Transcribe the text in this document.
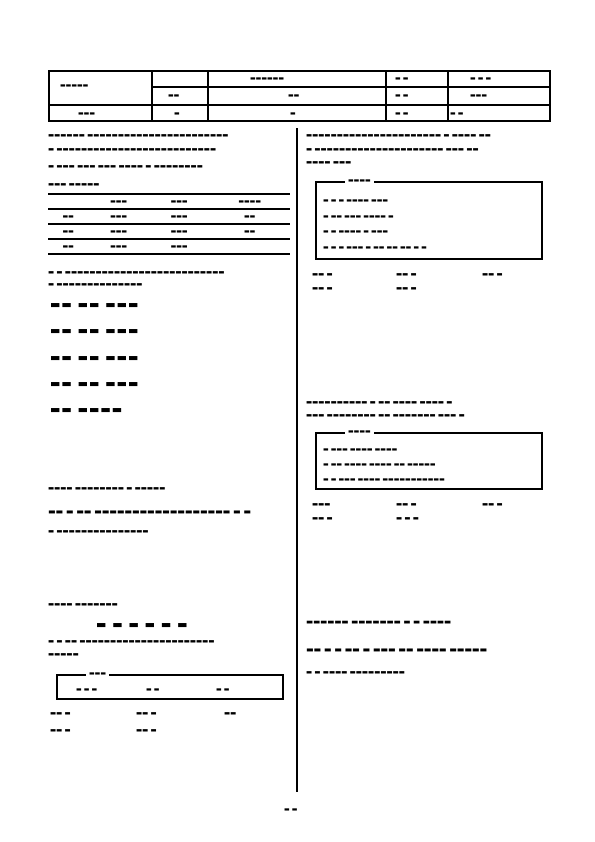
▬▬▬▬▬
▬▬▬▬▬▬	▬ ▬	▬ ▬ ▬
▬▬	▬▬	▬ ▬	▬▬▬
▬▬▬	▬	▬	▬ ▬	▬ ▬
▬▬▬▬▬▬ ▬▬▬▬▬▬▬▬▬▬▬▬▬▬▬▬▬▬▬▬▬▬▬
▬ ▬▬▬▬▬▬▬▬▬▬▬▬▬▬▬▬▬▬▬▬▬▬▬▬▬▬
▬ ▬▬▬ ▬▬▬ ▬▬▬ ▬▬▬▬ ▬ ▬▬▬▬▬▬▬▬
▬▬▬ ▬▬▬▬▬
	▬▬▬	▬▬▬	▬▬▬▬
▬▬	▬▬▬	▬▬▬	▬▬
▬▬	▬▬▬	▬▬▬	▬▬
▬▬	▬▬▬	▬▬▬	
▬ ▬ ▬▬▬▬▬▬▬▬▬▬▬▬▬▬▬▬▬▬▬▬▬▬▬▬▬▬
▬ ▬▬▬▬▬▬▬▬▬▬▬▬▬▬
▬▬ ▬▬ ▬▬▬
▬▬ ▬▬ ▬▬▬
▬▬ ▬▬ ▬▬▬
▬▬ ▬▬ ▬▬▬
▬▬ ▬▬▬▬
▬▬▬▬ ▬▬▬▬▬▬▬▬ ▬ ▬▬▬▬▬
▬▬ ▬ ▬▬ ▬▬▬▬▬▬▬▬▬▬▬▬▬▬▬▬▬▬ ▬ ▬
▬ ▬▬▬▬▬▬▬▬▬▬▬▬▬▬▬
▬▬▬▬ ▬▬▬▬▬▬▬
▬ ▬ ▬ ▬ ▬ ▬
▬ ▬ ▬▬ ▬▬▬▬▬▬▬▬▬▬▬▬▬▬▬▬▬▬▬▬▬▬
▬▬▬▬▬
▬▬▬
▬ ▬ ▬	▬ ▬	▬ ▬
▬▬ ▬	▬▬ ▬	▬▬
▬▬ ▬	▬▬ ▬
▬▬▬▬▬▬▬▬▬▬▬▬▬▬▬▬▬▬▬▬▬▬ ▬ ▬▬▬▬ ▬▬
▬ ▬▬▬▬▬▬▬▬▬▬▬▬▬▬▬▬▬▬▬▬▬ ▬▬▬ ▬▬
▬▬▬▬ ▬▬▬
▬▬▬▬
▬ ▬ ▬ ▬▬▬▬ ▬▬▬
▬ ▬▬ ▬▬▬ ▬▬▬▬ ▬
▬ ▬ ▬▬▬▬ ▬ ▬▬▬
▬ ▬ ▬ ▬▬▬ ▬ ▬▬ ▬▬ ▬▬ ▬ ▬
▬▬ ▬	▬▬ ▬	▬▬ ▬
▬▬ ▬	▬▬ ▬
▬▬▬▬▬▬▬▬▬▬ ▬ ▬▬ ▬▬▬▬ ▬▬▬▬ ▬
▬▬▬ ▬▬▬▬▬▬▬▬ ▬▬ ▬▬▬▬▬▬▬ ▬▬▬ ▬
▬▬▬▬
▬ ▬▬▬ ▬▬▬▬ ▬▬▬▬
▬ ▬▬ ▬▬▬▬ ▬▬▬▬ ▬▬ ▬▬▬▬▬
▬ ▬ ▬▬▬ ▬▬▬▬ ▬▬▬▬▬▬▬▬▬▬▬
▬▬▬	▬▬ ▬	▬▬ ▬
▬▬ ▬	▬ ▬ ▬
▬▬▬▬▬▬ ▬▬▬▬▬▬▬ ▬ ▬ ▬▬▬▬
▬▬ ▬ ▬ ▬▬ ▬ ▬▬▬ ▬▬ ▬▬▬▬ ▬▬▬▬▬
▬ ▬ ▬▬▬▬ ▬▬▬▬▬▬▬▬▬
▬ ▬
